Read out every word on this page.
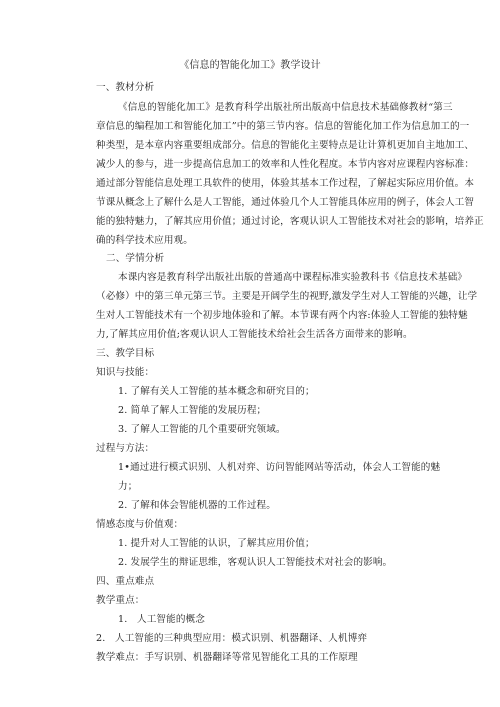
《信息的智能化加工》教学设计
一、教材分析
《信息的智能化加工》是教育科学出版社所出版高中信息技术基础修教材“第三
章信息的编程加工和智能化加工”中的第三节内容。信息的智能化加工作为信息加工的一
种类型，是本章内容重要组成部分。信息的智能化主要特点是让计算机更加自主地加工、
减少人的参与，进一步提高信息加工的效率和人性化程度。本节内容对应课程内容标准：
通过部分智能信息处理工具软件的使用，体验其基本工作过程，了解起实际应用价值。本
节课从概念上了解什么是人工智能，通过体验几个人工智能具体应用的例子，体会人工智
能的独特魅力，了解其应用价值；通过讨论，客观认识人工智能技术对社会的影响，培养正
确的科学技术应用观。
二、学情分析
本课内容是教育科学出版社出版的普通高中课程标准实验教科书《信息技术基础》
（必修）中的第三单元第三节。主要是开阔学生的视野,激发学生对人工智能的兴趣，让学
生对人工智能技术有一个初步地体验和了解。本节课有两个内容:体验人工智能的独特魅
力,了解其应用价值;客观认识人工智能技术给社会生活各方面带来的影响。
三、教学目标
知识与技能：
1. 了解有关人工智能的基本概念和研究目的；
2. 简单了解人工智能的发展历程；
3. 了解人工智能的几个重要研究领域。
过程与方法：
1•通过进行模式识别、人机对弈、访问智能网站等活动，体会人工智能的魅
力；
2. 了解和体会智能机器的工作过程。
情感态度与价值观：
1. 提升对人工智能的认识，了解其应用价值；
2. 发展学生的辩证思维，客观认识人工智能技术对社会的影响。
四、重点难点
教学重点：
1.　人工智能的概念
2.　人工智能的三种典型应用：模式识别、机器翻译、人机博弈
教学难点：手写识别、机器翻译等常见智能化工具的工作原理
